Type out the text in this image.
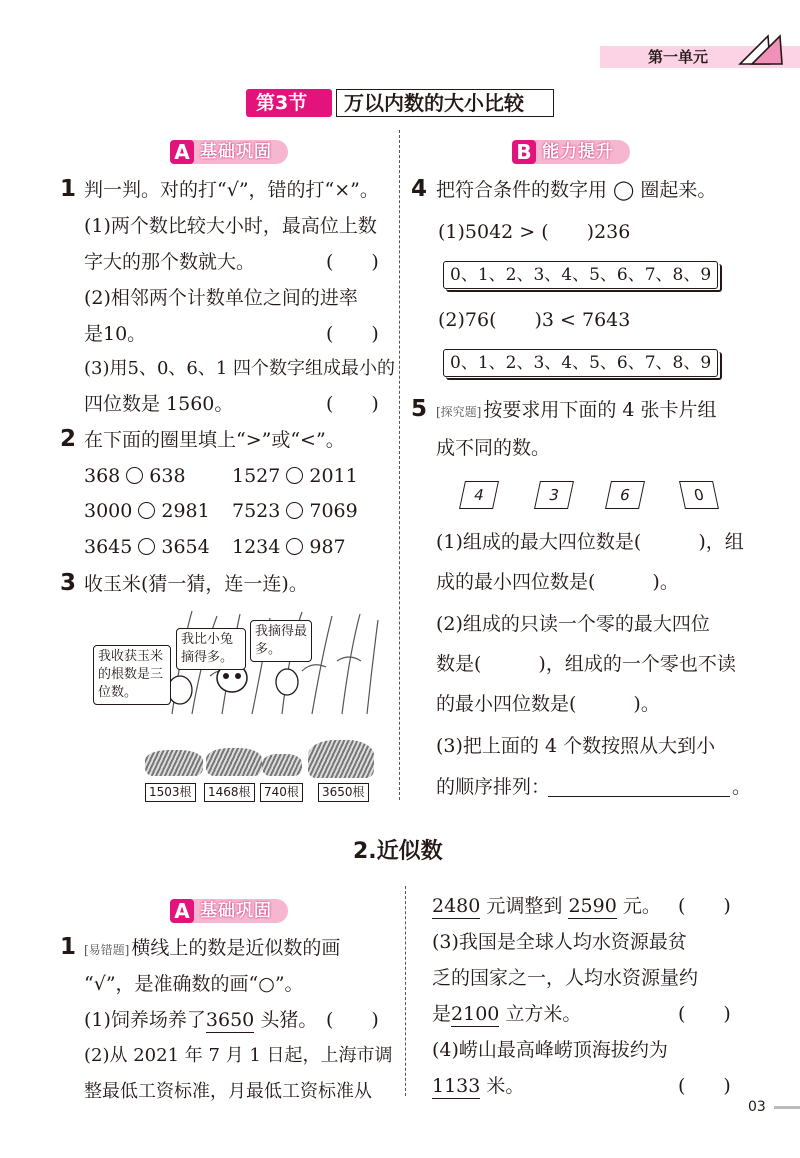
第一单元
第3节 万以内数的大小比较
A 基础巩固	B 能力提升
1 判一判。对的打“√”，错的打“×”。
(1)两个数比较大小时，最高位上数
字大的那个数就大。	(　　)
(2)相邻两个计数单位之间的进率
是10。	(　　)
(3)用5、0、6、1 四个数字组成最小的
四位数是 1560。	(　　)
2 在下面的圈里填上“>”或“<”。
368 638 1527 2011
3000 2981 7523 7069
3645 3654 1234 987
3 收玉米(猜一猜，连一连)。
我收获玉米的根数是三位数。
我比小兔摘得多。
我摘得最多。
1503根	1468根	740根	3650根
4 把符合条件的数字用 ◯ 圈起来。
(1)5042 > (　　)236
0、1、2、3、4、5、6、7、8、9
(2)76(　　)3 < 7643
0、1、2、3、4、5、6、7、8、9
5 [探究题] 按要求用下面的 4 张卡片组
成不同的数。
4	3	6	0
(1)组成的最大四位数是(　　　)，组
成的最小四位数是(　　　)。
(2)组成的只读一个零的最大四位
数是(　　　)，组成的一个零也不读
的最小四位数是(　　　)。
(3)把上面的 4 个数按照从大到小
的顺序排列：	。
2.近似数
A 基础巩固
1 [易错题] 横线上的数是近似数的画
“√”，是准确数的画“○”。
(1)饲养场养了3650 头猪。 (　　)
(2)从 2021 年 7 月 1 日起，上海市调
整最低工资标准，月最低工资标准从
2480 元调整到 2590 元。 (　　)
(3)我国是全球人均水资源最贫
乏的国家之一，人均水资源量约
是2100 立方米。	(　　)
(4)崂山最高峰崂顶海拔约为
1133 米。	(　　)
03
